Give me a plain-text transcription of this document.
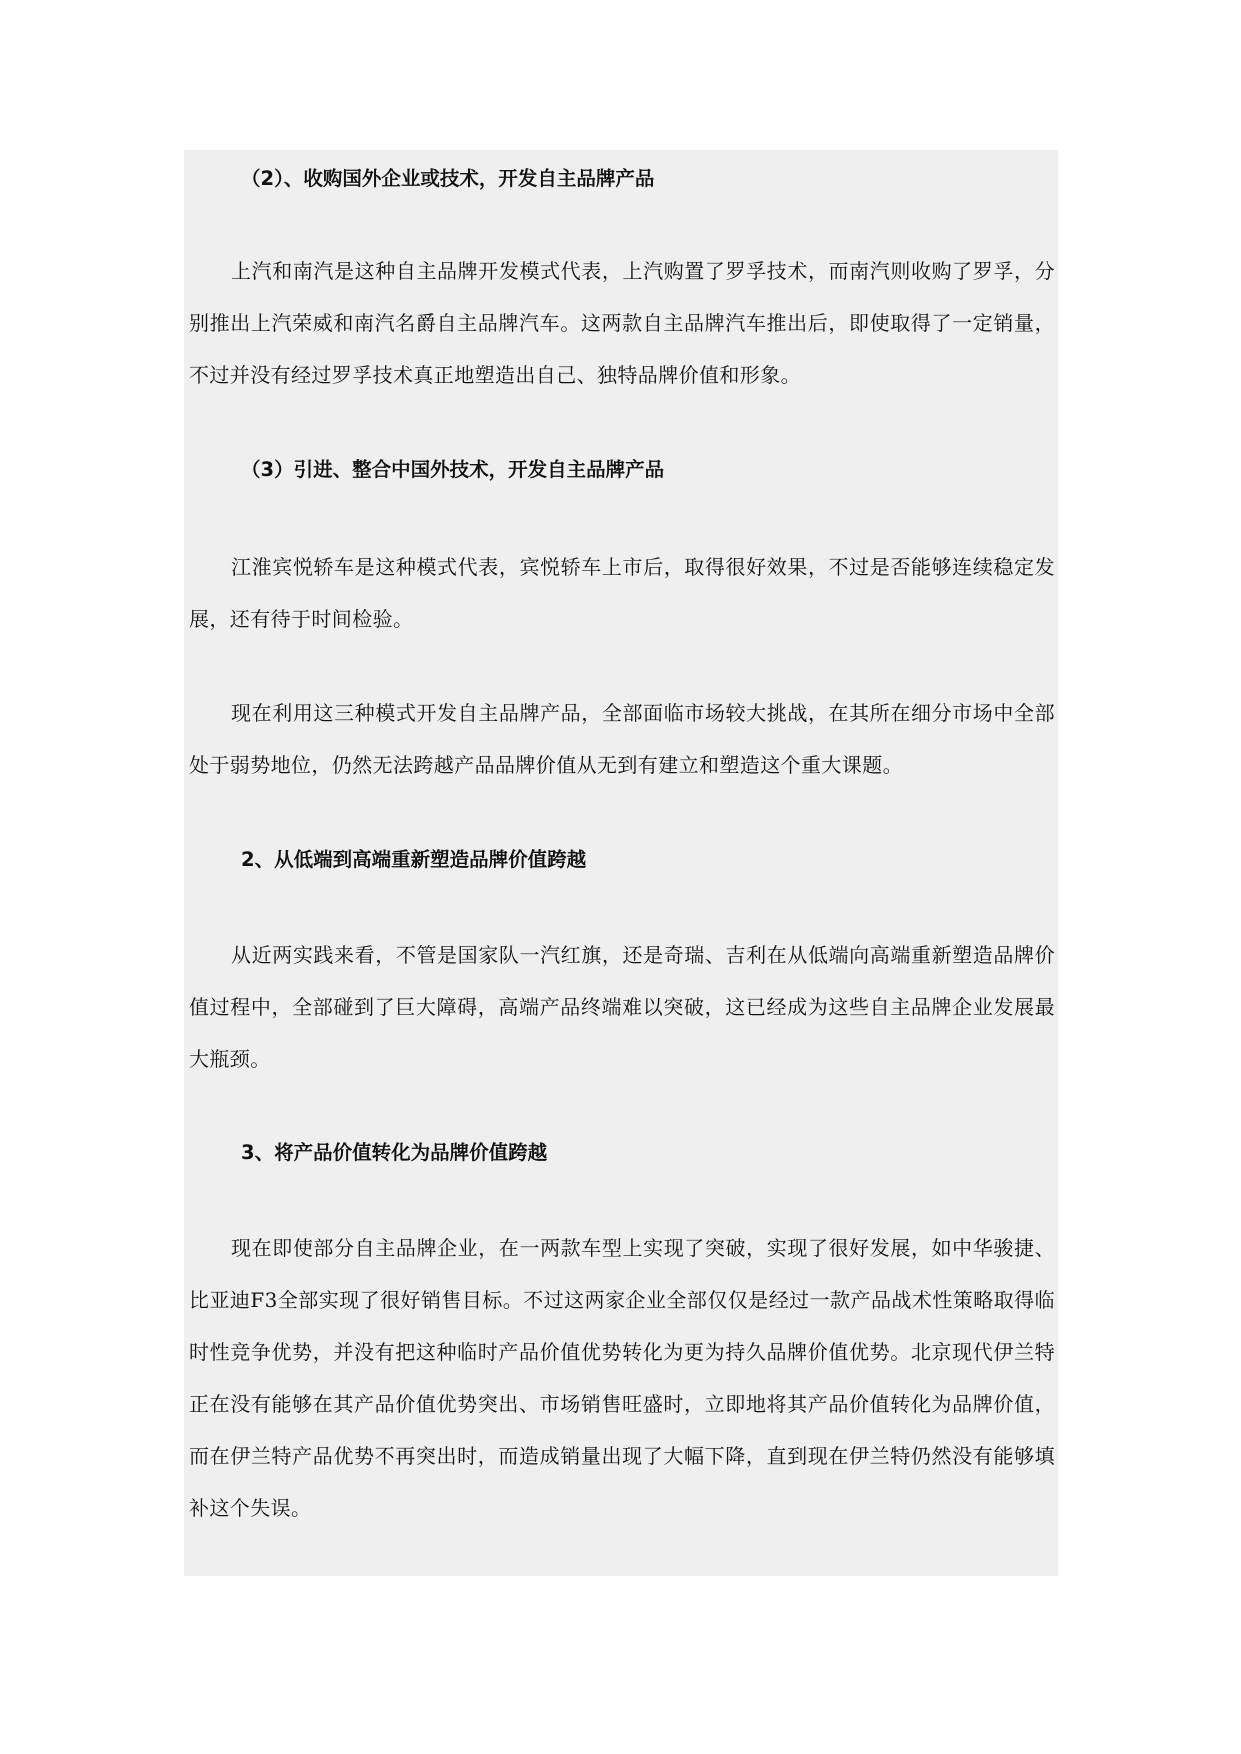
（2）、收购国外企业或技术，开发自主品牌产品

上汽和南汽是这种自主品牌开发模式代表，上汽购置了罗孚技术，而南汽则收购了罗孚，分别推出上汽荣威和南汽名爵自主品牌汽车。这两款自主品牌汽车推出后，即使取得了一定销量，不过并没有经过罗孚技术真正地塑造出自己、独特品牌价值和形象。

（3）引进、整合中国外技术，开发自主品牌产品

江淮宾悦轿车是这种模式代表，宾悦轿车上市后，取得很好效果，不过是否能够连续稳定发展，还有待于时间检验。

现在利用这三种模式开发自主品牌产品，全部面临市场较大挑战，在其所在细分市场中全部处于弱势地位，仍然无法跨越产品品牌价值从无到有建立和塑造这个重大课题。

2、从低端到高端重新塑造品牌价值跨越

从近两实践来看，不管是国家队一汽红旗，还是奇瑞、吉利在从低端向高端重新塑造品牌价值过程中，全部碰到了巨大障碍，高端产品终端难以突破，这已经成为这些自主品牌企业发展最大瓶颈。

3、将产品价值转化为品牌价值跨越

现在即使部分自主品牌企业，在一两款车型上实现了突破，实现了很好发展，如中华骏捷、比亚迪F3全部实现了很好销售目标。不过这两家企业全部仅仅是经过一款产品战术性策略取得临时性竞争优势，并没有把这种临时产品价值优势转化为更为持久品牌价值优势。北京现代伊兰特正在没有能够在其产品价值优势突出、市场销售旺盛时，立即地将其产品价值转化为品牌价值，而在伊兰特产品优势不再突出时，而造成销量出现了大幅下降，直到现在伊兰特仍然没有能够填补这个失误。
